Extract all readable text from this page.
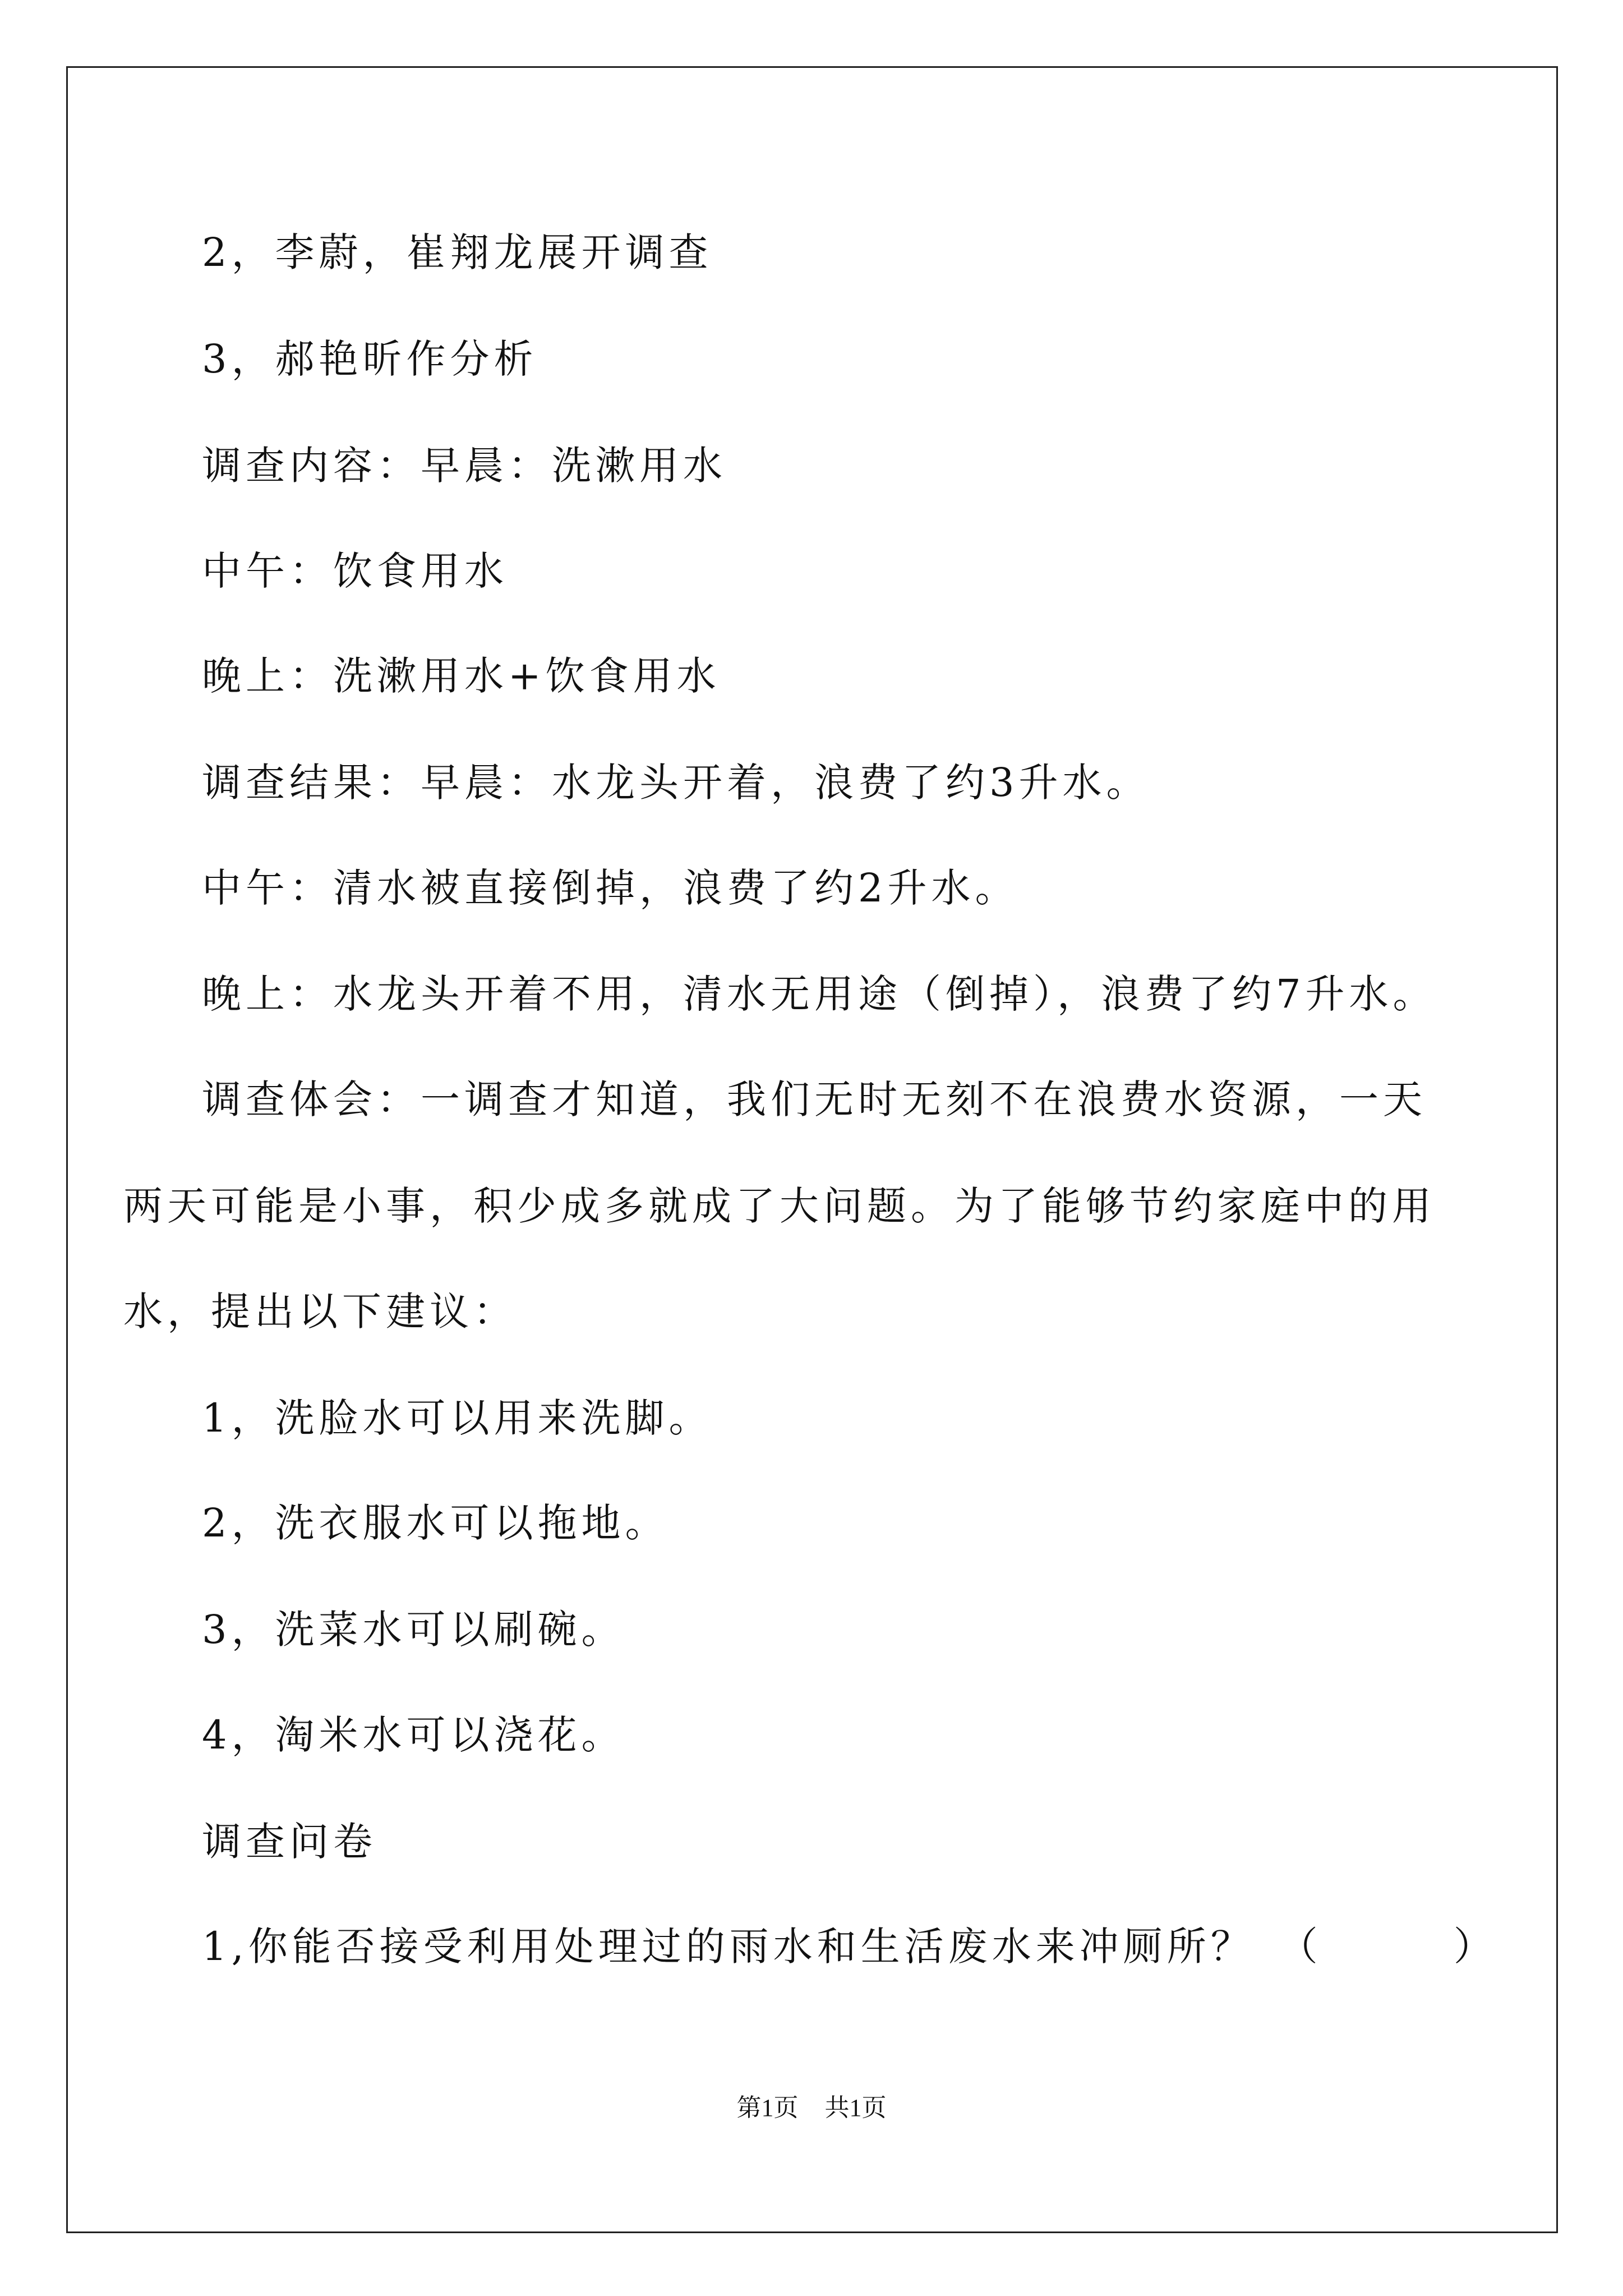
2，李蔚，崔翔龙展开调查
3，郝艳昕作分析
调查内容：早晨：洗漱用水
中午：饮食用水
晚上：洗漱用水+饮食用水
调查结果：早晨：水龙头开着，浪费了约3升水。
中午：清水被直接倒掉，浪费了约2升水。
晚上：水龙头开着不用，清水无用途（倒掉），浪费了约7升水。
调查体会：一调查才知道，我们无时无刻不在浪费水资源，一天
两天可能是小事，积少成多就成了大问题。为了能够节约家庭中的用
水，提出以下建议：
1，洗脸水可以用来洗脚。
2，洗衣服水可以拖地。
3，洗菜水可以刷碗。
4，淘米水可以浇花。
调查问卷
1,你能否接受利用处理过的雨水和生活废水来冲厕所？　（　　　）
第1页 共1页
